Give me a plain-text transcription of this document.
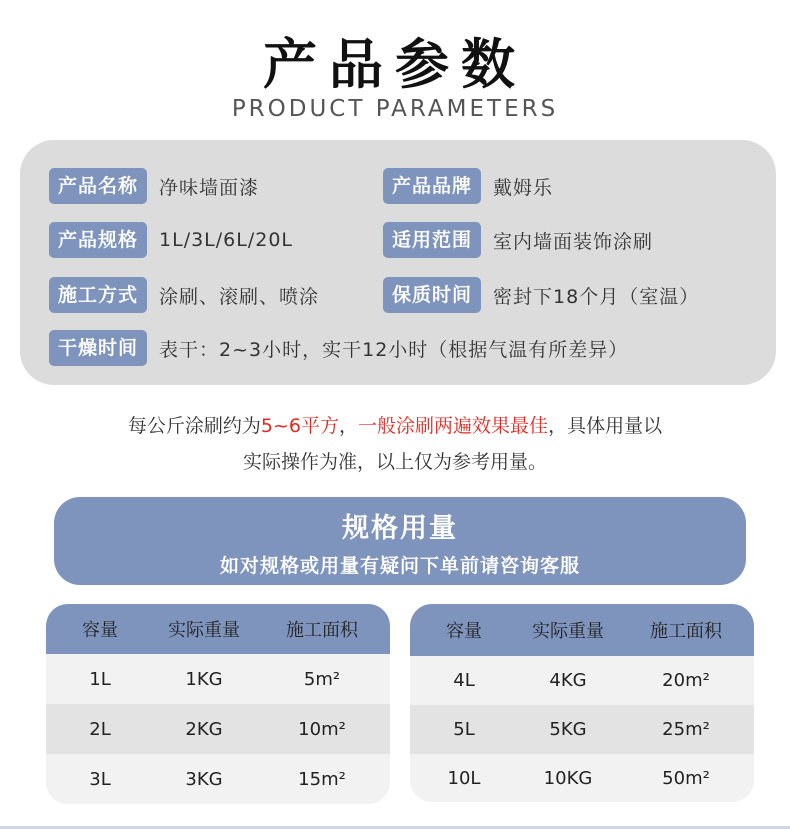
产品参数
PRODUCT PARAMETERS
产品名称	净味墙面漆	产品品牌	戴姆乐
产品规格	1L/3L/6L/20L	适用范围	室内墙面装饰涂刷
施工方式	涂刷、滚刷、喷涂	保质时间	密封下18个月（室温）
干燥时间	表干：2~3小时，实干12小时（根据气温有所差异）
每公斤涂刷约为5~6平方，一般涂刷两遍效果最佳，具体用量以
实际操作为准，以上仅为参考用量。
规格用量
如对规格或用量有疑问下单前请咨询客服
容量	实际重量	施工面积
1L	1KG	5m²
2L	2KG	10m²
3L	3KG	15m²
容量	实际重量	施工面积
4L	4KG	20m²
5L	5KG	25m²
10L	10KG	50m²
